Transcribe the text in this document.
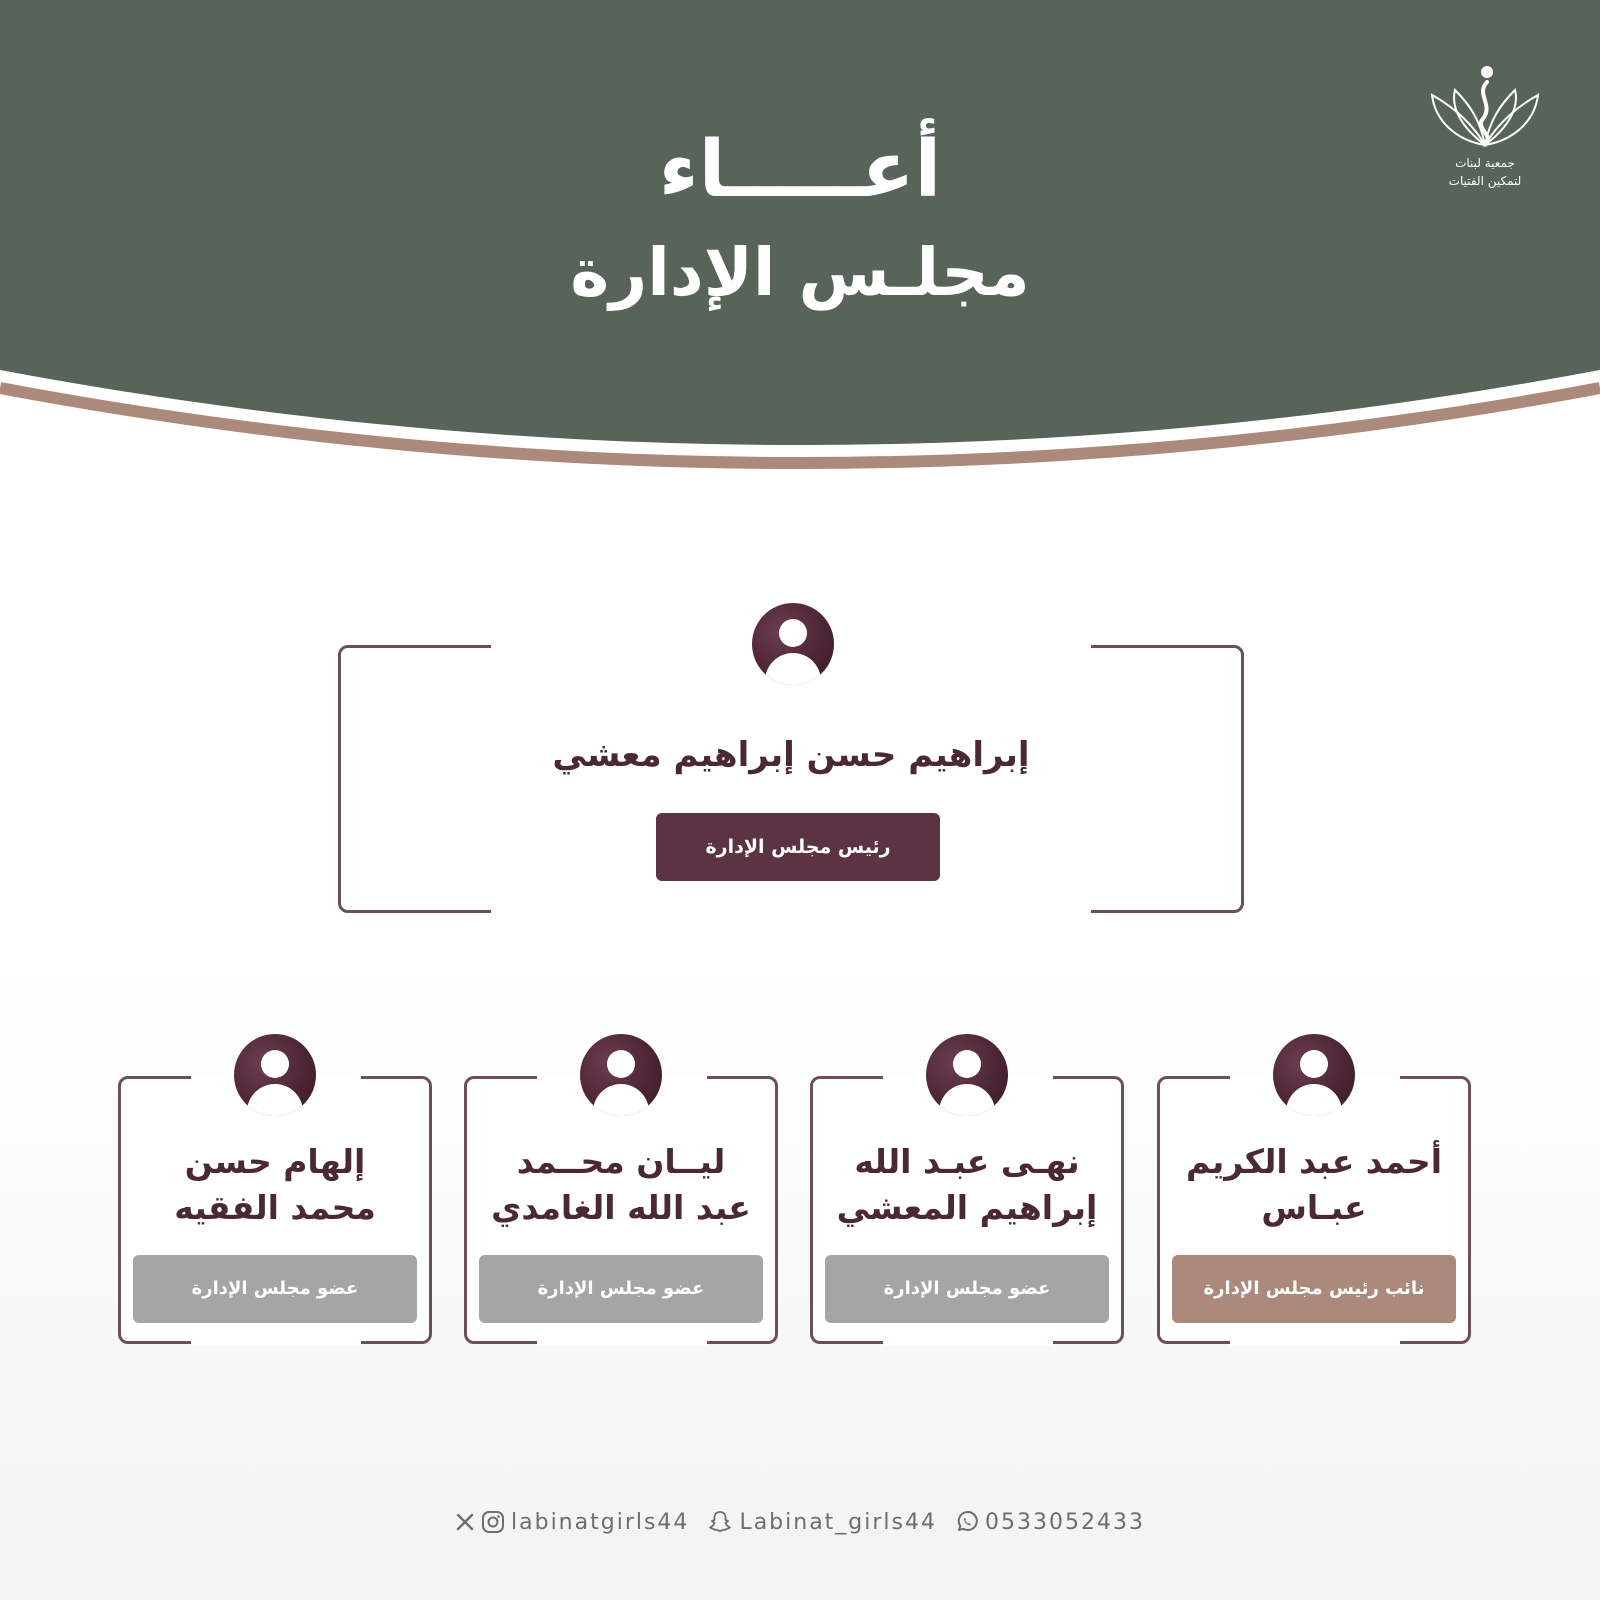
أعـــــاء
مجلـس الإدارة
جمعية لبنات
لتمكين الفتيات
إبراهيم حسن إبراهيم معشي
رئيس مجلس الإدارة
أحمد عبد الكريم
عبـاس
نائب رئيس مجلس الإدارة
نهـى عبـد الله
إبراهيم المعشي
عضو مجلس الإدارة
ليــان محــمد
عبد الله الغامدي
عضو مجلس الإدارة
إلهام حسن
محمد الفقيه
عضو مجلس الإدارة
labinatgirls44 Labinat_girls44 0533052433
